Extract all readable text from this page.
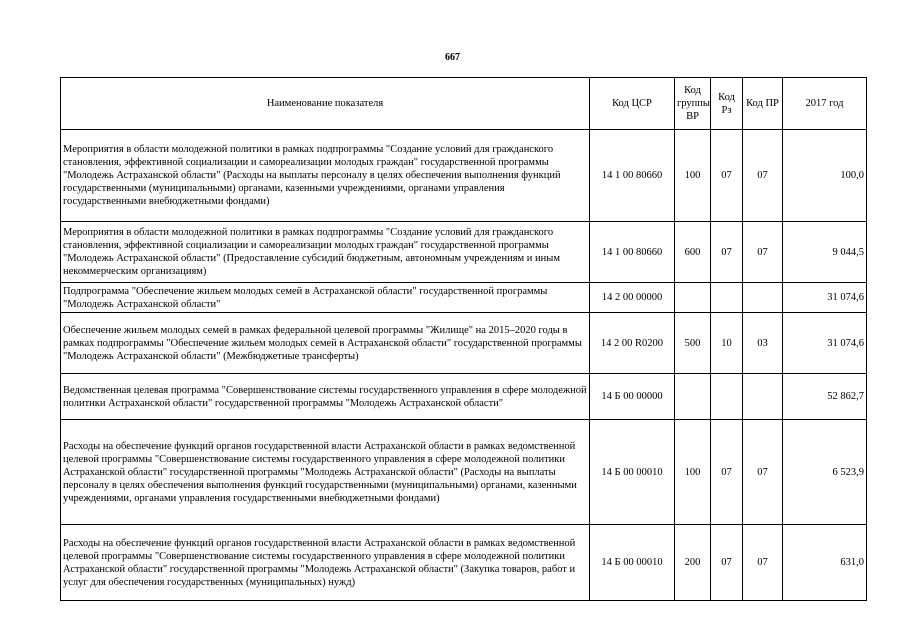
667
Наименование показателя	Код ЦСР	Код группы ВР	Код Рз	Код ПР	2017 год
Мероприятия в области молодежной политики в рамках подпрограммы "Создание условий для гражданского становления, эффективной социализации и самореализации молодых граждан" государственной программы "Молодежь Астраханской области" (Расходы на выплаты персоналу в целях обеспечения выполнения функций государственными (муниципальными) органами, казенными учреждениями, органами управления государственными внебюджетными фондами)	14 1 00 80660	100	07	07	100,0
Мероприятия в области молодежной политики в рамках подпрограммы "Создание условий для гражданского становления, эффективной социализации и самореализации молодых граждан" государственной программы "Молодежь Астраханской области" (Предоставление субсидий бюджетным, автономным учреждениям и иным некоммерческим организациям)	14 1 00 80660	600	07	07	9 044,5
Подпрограмма "Обеспечение жильем молодых семей в Астраханской области" государственной программы "Молодежь Астраханской области"	14 2 00 00000				31 074,6
Обеспечение жильем молодых семей в рамках федеральной целевой программы "Жилище" на 2015–2020 годы в рамках подпрограммы "Обеспечение жильем молодых семей в Астраханской области" государственной программы "Молодежь Астраханской области" (Межбюджетные трансферты)	14 2 00 R0200	500	10	03	31 074,6
Ведомственная целевая программа "Совершенствование системы государственного управления в сфере молодежной политики Астраханской области" государственной программы "Молодежь Астраханской области"	14 Б 00 00000				52 862,7
Расходы на обеспечение функций органов государственной власти Астраханской области в рамках ведомственной целевой программы "Совершенствование системы государственного управления в сфере молодежной политики Астраханской области" государственной программы "Молодежь Астраханской области" (Расходы на выплаты персоналу в целях обеспечения выполнения функций государственными (муниципальными) органами, казенными учреждениями, органами управления государственными внебюджетными фондами)	14 Б 00 00010	100	07	07	6 523,9
Расходы на обеспечение функций органов государственной власти Астраханской области в рамках ведомственной целевой программы "Совершенствование системы государственного управления в сфере молодежной политики Астраханской области" государственной программы "Молодежь Астраханской области" (Закупка товаров, работ и услуг для обеспечения государственных (муниципальных) нужд)	14 Б 00 00010	200	07	07	631,0
